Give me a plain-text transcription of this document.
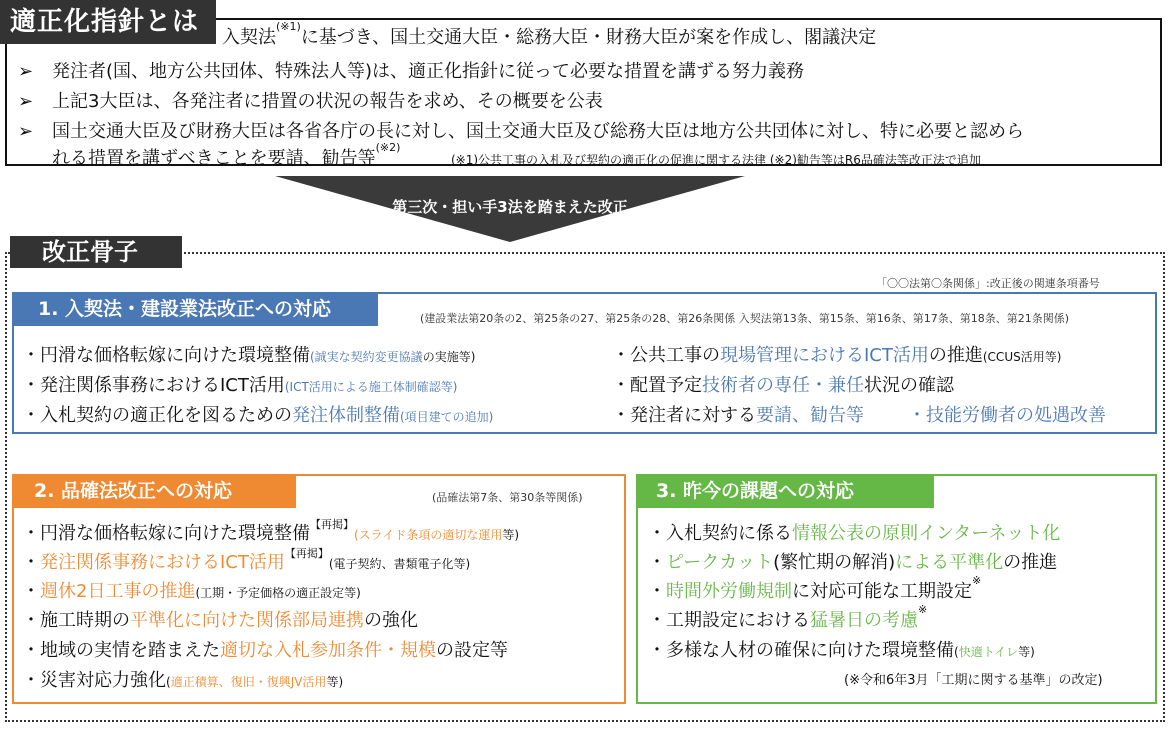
適正化指針とは
入契法$^{(※1)}$に基づき、国土交通大臣・総務大臣・財務大臣が案を作成し、閣議決定
➢ 発注者(国、地方公共団体、特殊法人等)は、適正化指針に従って必要な措置を講ずる努力義務
➢ 上記3大臣は、各発注者に措置の状況の報告を求め、その概要を公表
➢ 国土交通大臣及び財務大臣は各省各庁の長に対し、国土交通大臣及び総務大臣は地方公共団体に対し、特に必要と認めら
れる措置を講ずべきことを要請、勧告等$^{(※2)}$
(※1)公共工事の入札及び契約の適正化の促進に関する法律 (※2)勧告等はR6品確法等改正法で追加
第三次・担い手3法を踏まえた改正
改正骨子
「〇〇法第〇条関係」:改正後の関連条項番号
1. 入契法・建設業法改正への対応	(建設業法第20条の2、第25条の27、第25条の28、第26条関係 入契法第13条、第15条、第16条、第17条、第18条、第21条関係)
・円滑な価格転嫁に向けた環境整備(誠実な契約変更協議の実施等)
・発注関係事務におけるICT活用(ICT活用による施工体制確認等)
・入札契約の適正化を図るための発注体制整備(項目建ての追加)
・公共工事の現場管理におけるICT活用の推進(CCUS活用等)
・配置予定技術者の専任・兼任状況の確認
・発注者に対する要請、勧告等 ・技能労働者の処遇改善
2. 品確法改正への対応	(品確法第7条、第30条等関係)
・円滑な価格転嫁に向けた環境整備$^{【再掲】}$(スライド条項の適切な運用等)
・発注関係事務におけるICT活用$^{【再掲】}$(電子契約、書類電子化等)
・週休2日工事の推進(工期・予定価格の適正設定等)
・施工時期の平準化に向けた関係部局連携の強化
・地域の実情を踏まえた適切な入札参加条件・規模の設定等
・災害対応力強化(適正積算、復旧・復興JV活用等)
3. 昨今の課題への対応
・入札契約に係る情報公表の原則インターネット化
・ピークカット(繁忙期の解消)による平準化の推進
・時間外労働規制に対応可能な工期設定※
・工期設定における猛暑日の考慮※
・多様な人材の確保に向けた環境整備(快適トイレ等)
(※令和6年3月「工期に関する基準」の改定)
